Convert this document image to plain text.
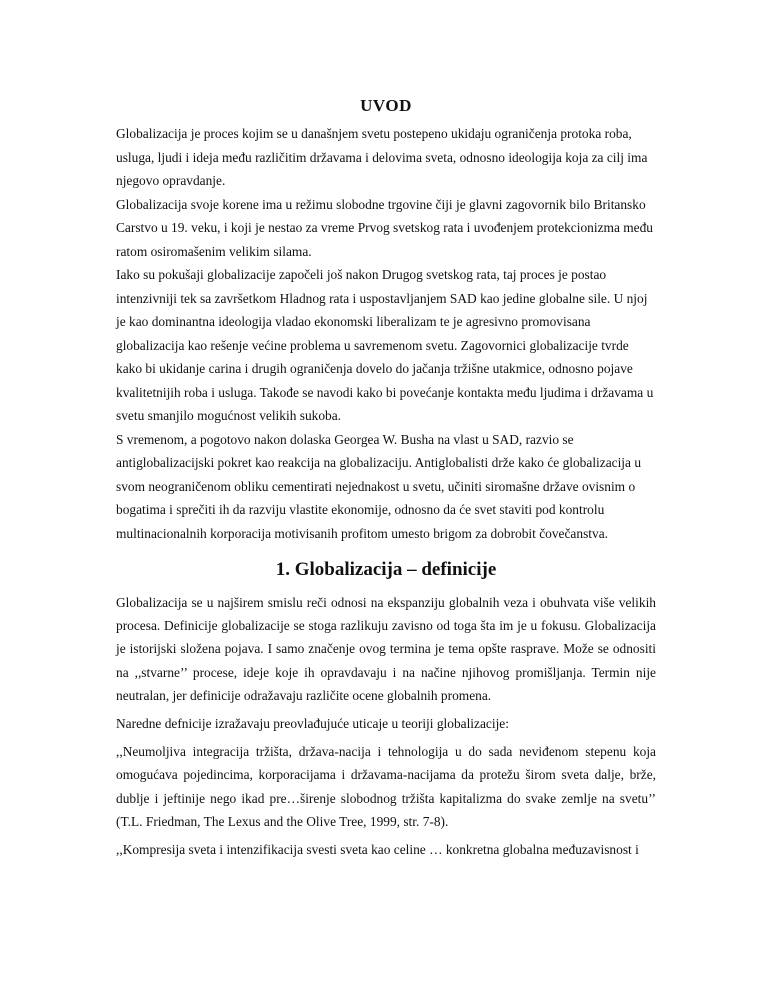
UVOD

Globalizacija je proces kojim se u današnjem svetu postepeno ukidaju ograničenja protoka roba, usluga, ljudi i ideja među različitim državama i delovima sveta, odnosno ideologija koja za cilj ima njegovo opravdanje.

Globalizacija svoje korene ima u režimu slobodne trgovine čiji je glavni zagovornik bilo Britansko Carstvo u 19. veku, i koji je nestao za vreme Prvog svetskog rata i uvođenjem protekcionizma među ratom osiromašenim velikim silama.

Iako su pokušaji globalizacije započeli još nakon Drugog svetskog rata, taj proces je postao intenzivniji tek sa završetkom Hladnog rata i uspostavljanjem SAD kao jedine globalne sile. U njoj je kao dominantna ideologija vladao ekonomski liberalizam te je agresivno promovisana globalizacija kao rešenje većine problema u savremenom svetu. Zagovornici globalizacije tvrde kako bi ukidanje carina i drugih ograničenja dovelo do jačanja tržišne utakmice, odnosno pojave kvalitetnijih roba i usluga. Takođe se navodi kako bi povećanje kontakta među ljudima i državama u svetu smanjilo mogućnost velikih sukoba.

S vremenom, a pogotovo nakon dolaska Georgea W. Busha na vlast u SAD, razvio se antiglobalizacijski pokret kao reakcija na globalizaciju. Antiglobalisti drže kako će globalizacija u svom neograničenom obliku cementirati nejednakost u svetu, učiniti siromašne države ovisnim o bogatima i sprečiti ih da razviju vlastite ekonomije, odnosno da će svet staviti pod kontrolu multinacionalnih korporacija motivisanih profitom umesto brigom za dobrobit čovečanstva.

1. Globalizacija – definicije

Globalizacija se u najširem smislu reči odnosi na ekspanziju globalnih veza i obuhvata više velikih procesa. Definicije globalizacije se stoga razlikuju zavisno od toga šta im je u fokusu. Globalizacija je istorijski složena pojava. I samo značenje ovog termina je tema opšte rasprave. Može se odnositi na ,,stvarne’’ procese, ideje koje ih opravdavaju i na načine njihovog promišljanja. Termin nije neutralan, jer definicije odražavaju različite ocene globalnih promena.

Naredne defnicije izražavaju preovlađujuće uticaje u teoriji globalizacije:

,,Neumoljiva integracija tržišta, država-nacija i tehnologija u do sada neviđenom stepenu koja omogućava pojedincima, korporacijama i državama-nacijama da protežu širom sveta dalje, brže, dublje i jeftinije nego ikad pre…širenje slobodnog tržišta kapitalizma do svake zemlje na svetu’’ (T.L. Friedman, The Lexus and the Olive Tree, 1999, str. 7-8).

,,Kompresija sveta i intenzifikacija svesti sveta kao celine … konkretna globalna međuzavisnost i
